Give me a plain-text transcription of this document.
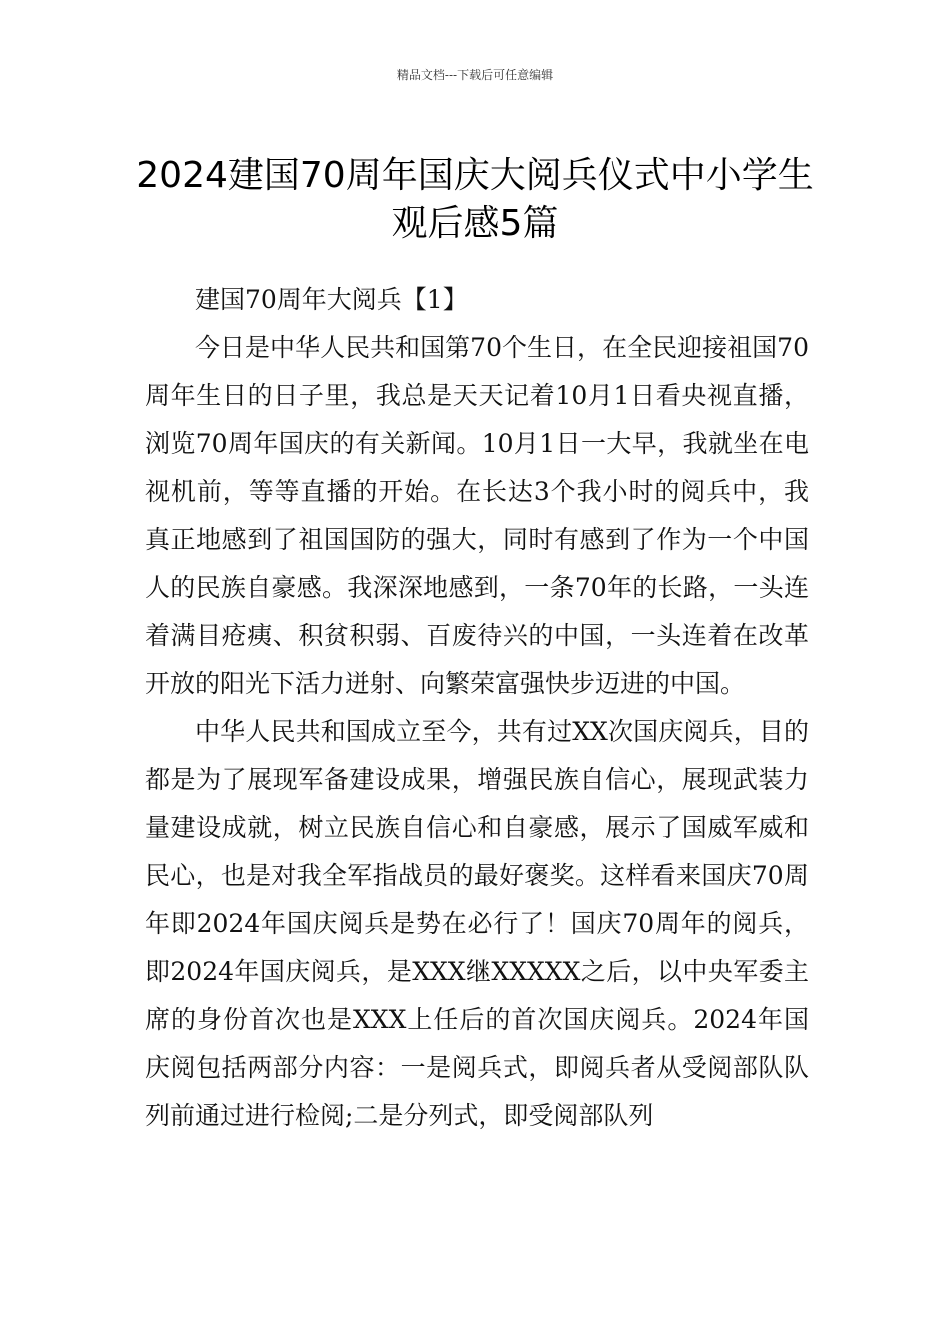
精品文档---下载后可任意编辑
2024建国70周年国庆大阅兵仪式中小学生观后感5篇

建国70周年大阅兵【1】

今日是中华人民共和国第70个生日，在全民迎接祖国70周年生日的日子里，我总是天天记着10月1日看央视直播，浏览70周年国庆的有关新闻。10月1日一大早，我就坐在电视机前，等等直播的开始。在长达3个我小时的阅兵中，我真正地感到了祖国国防的强大，同时有感到了作为一个中国人的民族自豪感。我深深地感到，一条70年的长路，一头连着满目疮痍、积贫积弱、百废待兴的中国，一头连着在改革开放的阳光下活力迸射、向繁荣富强快步迈进的中国。

中华人民共和国成立至今，共有过XX次国庆阅兵，目的都是为了展现军备建设成果，增强民族自信心，展现武装力量建设成就，树立民族自信心和自豪感，展示了国威军威和民心，也是对我全军指战员的最好褒奖。这样看来国庆70周年即2024年国庆阅兵是势在必行了！国庆70周年的阅兵，即2024年国庆阅兵，是XXX继XXXXX之后，以中央军委主席的身份首次也是XXX上任后的首次国庆阅兵。2024年国庆阅包括两部分内容：一是阅兵式，即阅兵者从受阅部队队列前通过进行检阅;二是分列式，即受阅部队列
